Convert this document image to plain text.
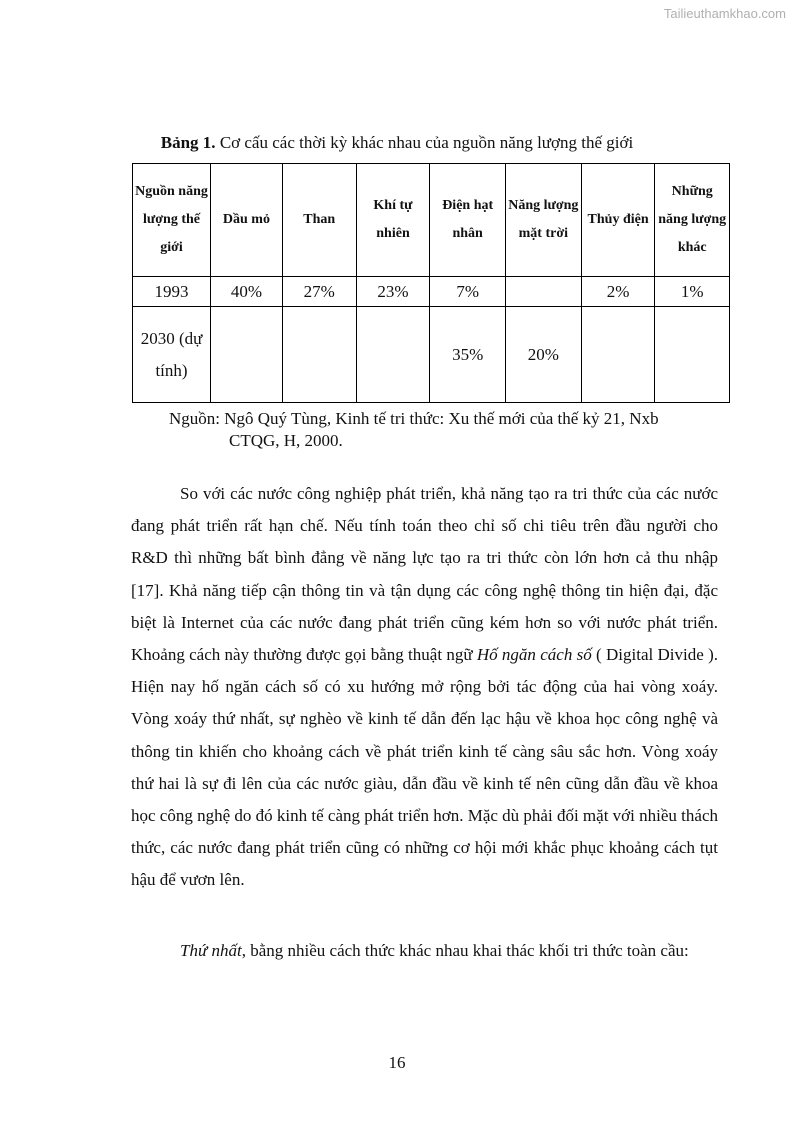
Tailieuthamkhao.com
Bảng 1. Cơ cấu các thời kỳ khác nhau của nguồn năng lượng thế giới
Nguồn năng lượng thế giới	Dầu mỏ	Than	Khí tự nhiên	Điện hạt nhân	Năng lượng mặt trời	Thủy điện	Những năng lượng khác
1993	40%	27%	23%	7%		2%	1%
2030 (dự tính)				35%	20%		
Nguồn: Ngô Quý Tùng, Kinh tế tri thức: Xu thế mới của thế kỷ 21, Nxb
CTQG, H, 2000.
So với các nước công nghiệp phát triển, khả năng tạo ra tri thức của các nước đang phát triển rất hạn chế. Nếu tính toán theo chỉ số chi tiêu trên đầu người cho R&D thì những bất bình đẳng về năng lực tạo ra tri thức còn lớn hơn cả thu nhập [17]. Khả năng tiếp cận thông tin và tận dụng các công nghệ thông tin hiện đại, đặc biệt là Internet của các nước đang phát triển cũng kém hơn so với nước phát triển. Khoảng cách này thường được gọi bằng thuật ngữ Hố ngăn cách số ( Digital Divide ). Hiện nay hố ngăn cách số có xu hướng mở rộng bởi tác động của hai vòng xoáy. Vòng xoáy thứ nhất, sự nghèo về kinh tế dẫn đến lạc hậu về khoa học công nghệ và thông tin khiến cho khoảng cách về phát triển kinh tế càng sâu sắc hơn. Vòng xoáy thứ hai là sự đi lên của các nước giàu, dẫn đầu về kinh tế nên cũng dẫn đầu về khoa học công nghệ do đó kinh tế càng phát triển hơn. Mặc dù phải đối mặt với nhiều thách thức, các nước đang phát triển cũng có những cơ hội mới khắc phục khoảng cách tụt hậu để vươn lên.
Thứ nhất, bằng nhiều cách thức khác nhau khai thác khối tri thức toàn cầu:
16
